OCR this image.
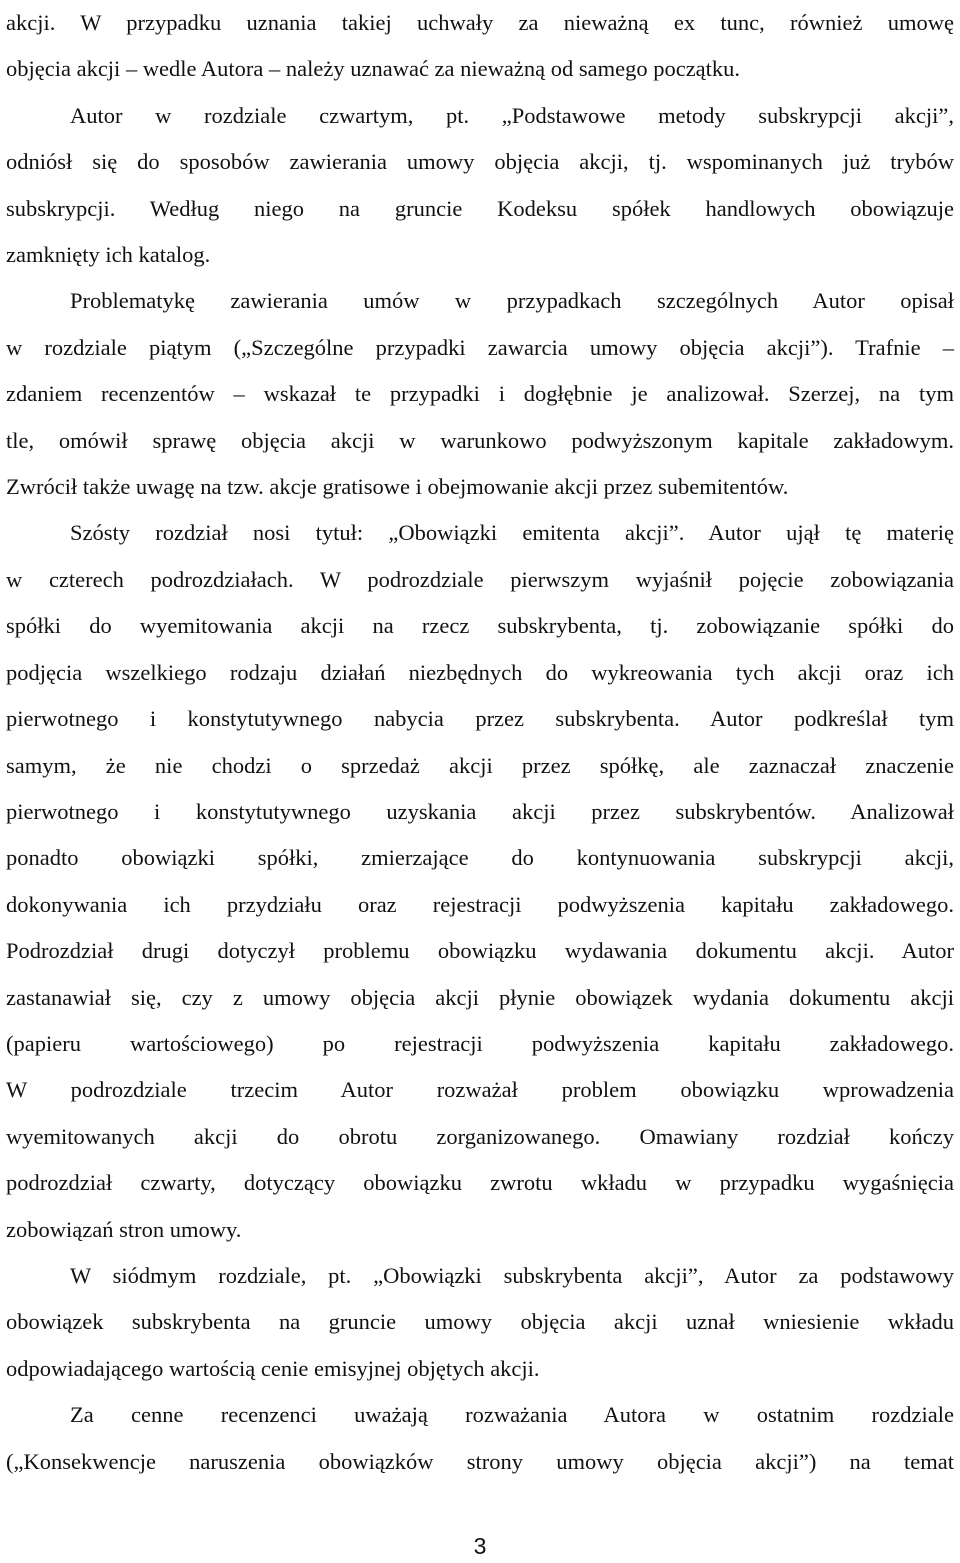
akcji. W przypadku uznania takiej uchwały za nieważną ex tunc, również umowę

objęcia akcji – wedle Autora – należy uznawać za nieważną od samego początku.

Autor w rozdziale czwartym, pt. „Podstawowe metody subskrypcji akcji”,

odniósł się do sposobów zawierania umowy objęcia akcji, tj. wspominanych już trybów

subskrypcji. Według niego na gruncie Kodeksu spółek handlowych obowiązuje

zamknięty ich katalog.

Problematykę zawierania umów w przypadkach szczególnych Autor opisał

w rozdziale piątym („Szczególne przypadki zawarcia umowy objęcia akcji”). Trafnie –

zdaniem recenzentów – wskazał te przypadki i dogłębnie je analizował. Szerzej, na tym

tle, omówił sprawę objęcia akcji w warunkowo podwyższonym kapitale zakładowym.

Zwrócił także uwagę na tzw. akcje gratisowe i obejmowanie akcji przez subemitentów.

Szósty rozdział nosi tytuł: „Obowiązki emitenta akcji”. Autor ujął tę materię

w czterech podrozdziałach. W podrozdziale pierwszym wyjaśnił pojęcie zobowiązania

spółki do wyemitowania akcji na rzecz subskrybenta, tj. zobowiązanie spółki do

podjęcia wszelkiego rodzaju działań niezbędnych do wykreowania tych akcji oraz ich

pierwotnego i konstytutywnego nabycia przez subskrybenta. Autor podkreślał tym

samym, że nie chodzi o sprzedaż akcji przez spółkę, ale zaznaczał znaczenie

pierwotnego i konstytutywnego uzyskania akcji przez subskrybentów. Analizował

ponadto obowiązki spółki, zmierzające do kontynuowania subskrypcji akcji,

dokonywania ich przydziału oraz rejestracji podwyższenia kapitału zakładowego.

Podrozdział drugi dotyczył problemu obowiązku wydawania dokumentu akcji. Autor

zastanawiał się, czy z umowy objęcia akcji płynie obowiązek wydania dokumentu akcji

(papieru wartościowego) po rejestracji podwyższenia kapitału zakładowego.

W podrozdziale trzecim Autor rozważał problem obowiązku wprowadzenia

wyemitowanych akcji do obrotu zorganizowanego. Omawiany rozdział kończy

podrozdział czwarty, dotyczący obowiązku zwrotu wkładu w przypadku wygaśnięcia

zobowiązań stron umowy.

W siódmym rozdziale, pt. „Obowiązki subskrybenta akcji”, Autor za podstawowy

obowiązek subskrybenta na gruncie umowy objęcia akcji uznał wniesienie wkładu

odpowiadającego wartością cenie emisyjnej objętych akcji.

Za cenne recenzenci uważają rozważania Autora w ostatnim rozdziale

(„Konsekwencje naruszenia obowiązków strony umowy objęcia akcji”) na temat

3
